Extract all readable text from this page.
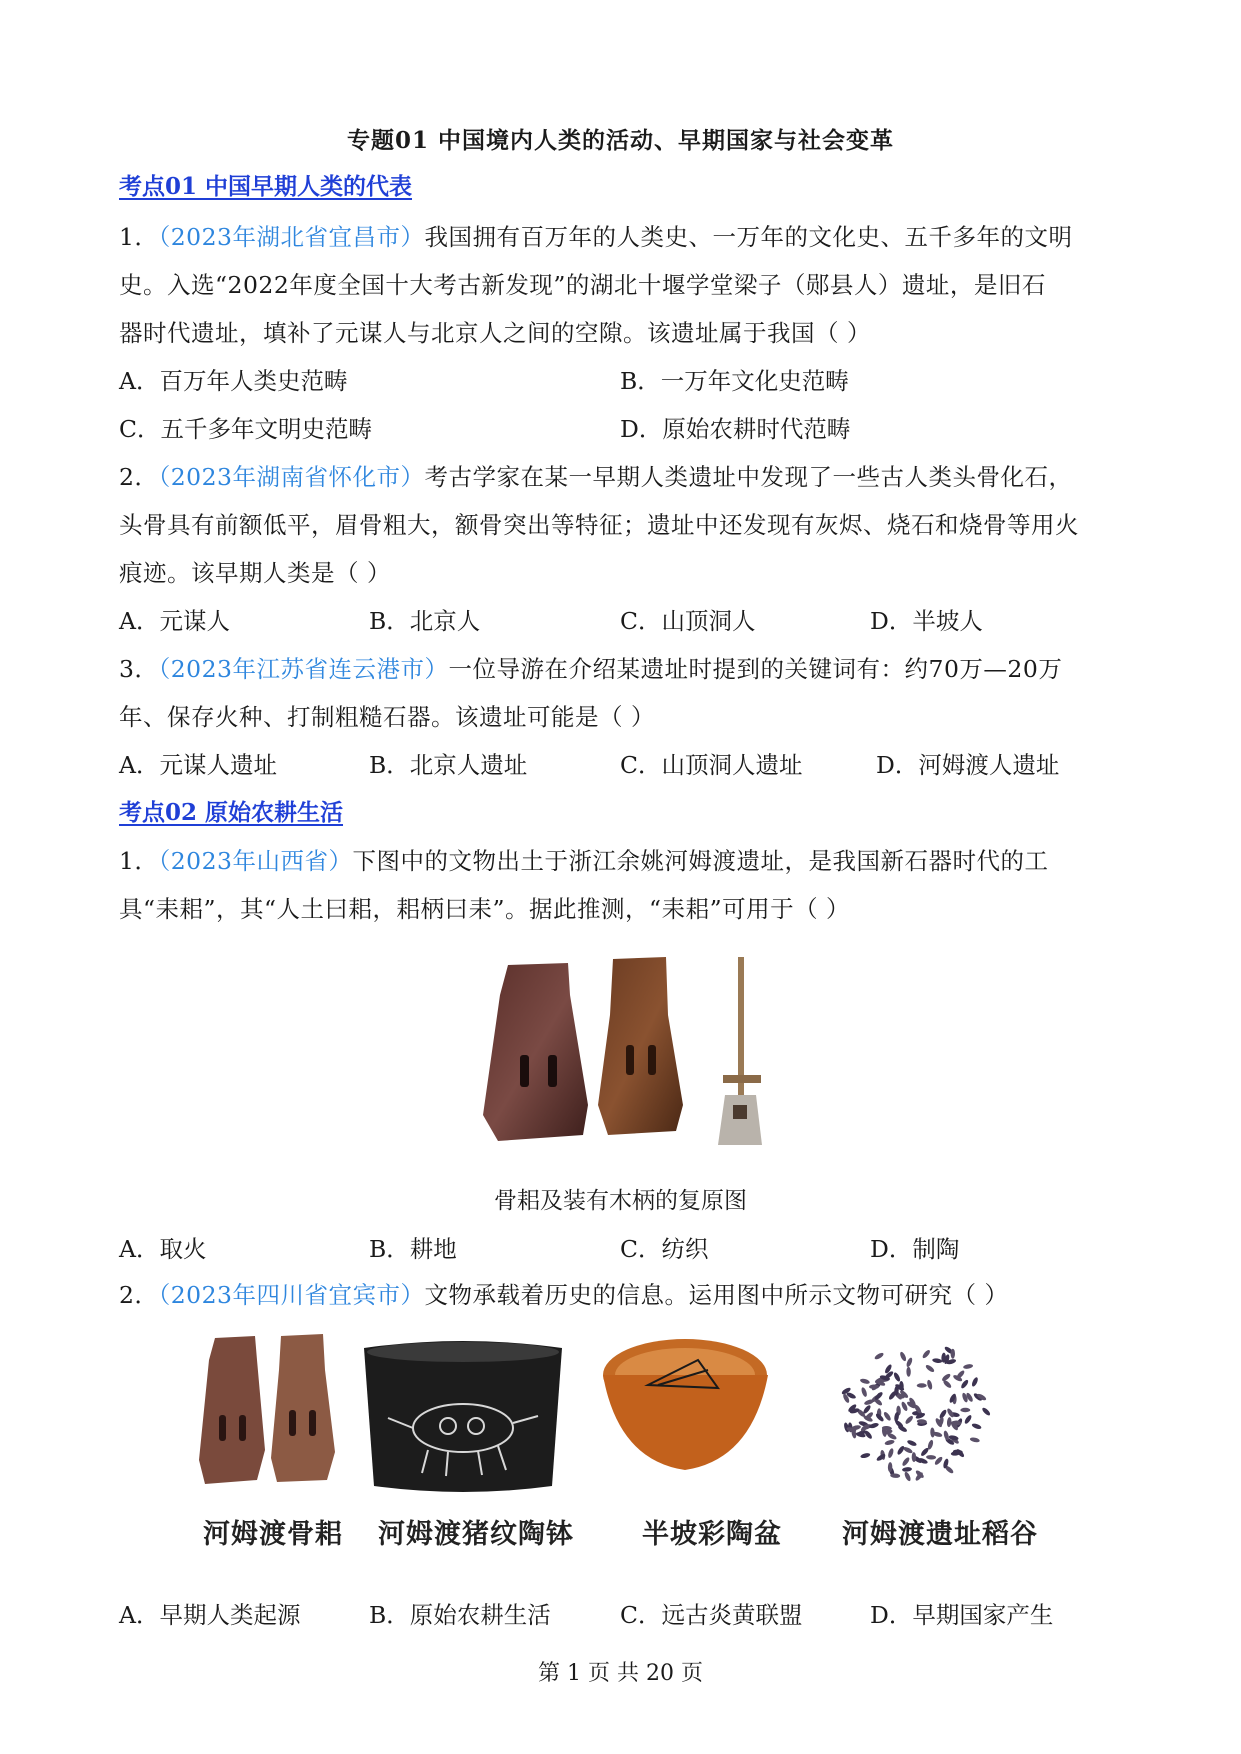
专题01 中国境内人类的活动、早期国家与社会变革
考点01 中国早期人类的代表
1．（2023年湖北省宜昌市）我国拥有百万年的人类史、一万年的文化史、五千多年的文明
史。入选“2022年度全国十大考古新发现”的湖北十堰学堂梁子（郧县人）遗址，是旧石
器时代遗址，填补了元谋人与北京人之间的空隙。该遗址属于我国（ ）
A．百万年人类史范畴	B．一万年文化史范畴
C．五千多年文明史范畴	D．原始农耕时代范畴
2．（2023年湖南省怀化市）考古学家在某一早期人类遗址中发现了一些古人类头骨化石，
头骨具有前额低平，眉骨粗大，额骨突出等特征；遗址中还发现有灰烬、烧石和烧骨等用火
痕迹。该早期人类是（ ）
A．元谋人	B．北京人	C．山顶洞人	D．半坡人
3．（2023年江苏省连云港市）一位导游在介绍某遗址时提到的关键词有：约70万—20万
年、保存火种、打制粗糙石器。该遗址可能是（ ）
A．元谋人遗址	B．北京人遗址	C．山顶洞人遗址	D．河姆渡人遗址
考点02 原始农耕生活
1．（2023年山西省）下图中的文物出土于浙江余姚河姆渡遗址，是我国新石器时代的工
具“耒耜”，其“人土曰耜，耜柄曰耒”。据此推测，“耒耜”可用于（ ）
骨耜及装有木柄的复原图
A．取火	B．耕地	C．纺织	D．制陶
2．（2023年四川省宜宾市）文物承载着历史的信息。运用图中所示文物可研究（ ）
河姆渡骨耜 河姆渡猪纹陶钵	半坡彩陶盆 河姆渡遗址稻谷
A．早期人类起源	B．原始农耕生活	C．远古炎黄联盟	D．早期国家产生
第 1 页 共 20 页
